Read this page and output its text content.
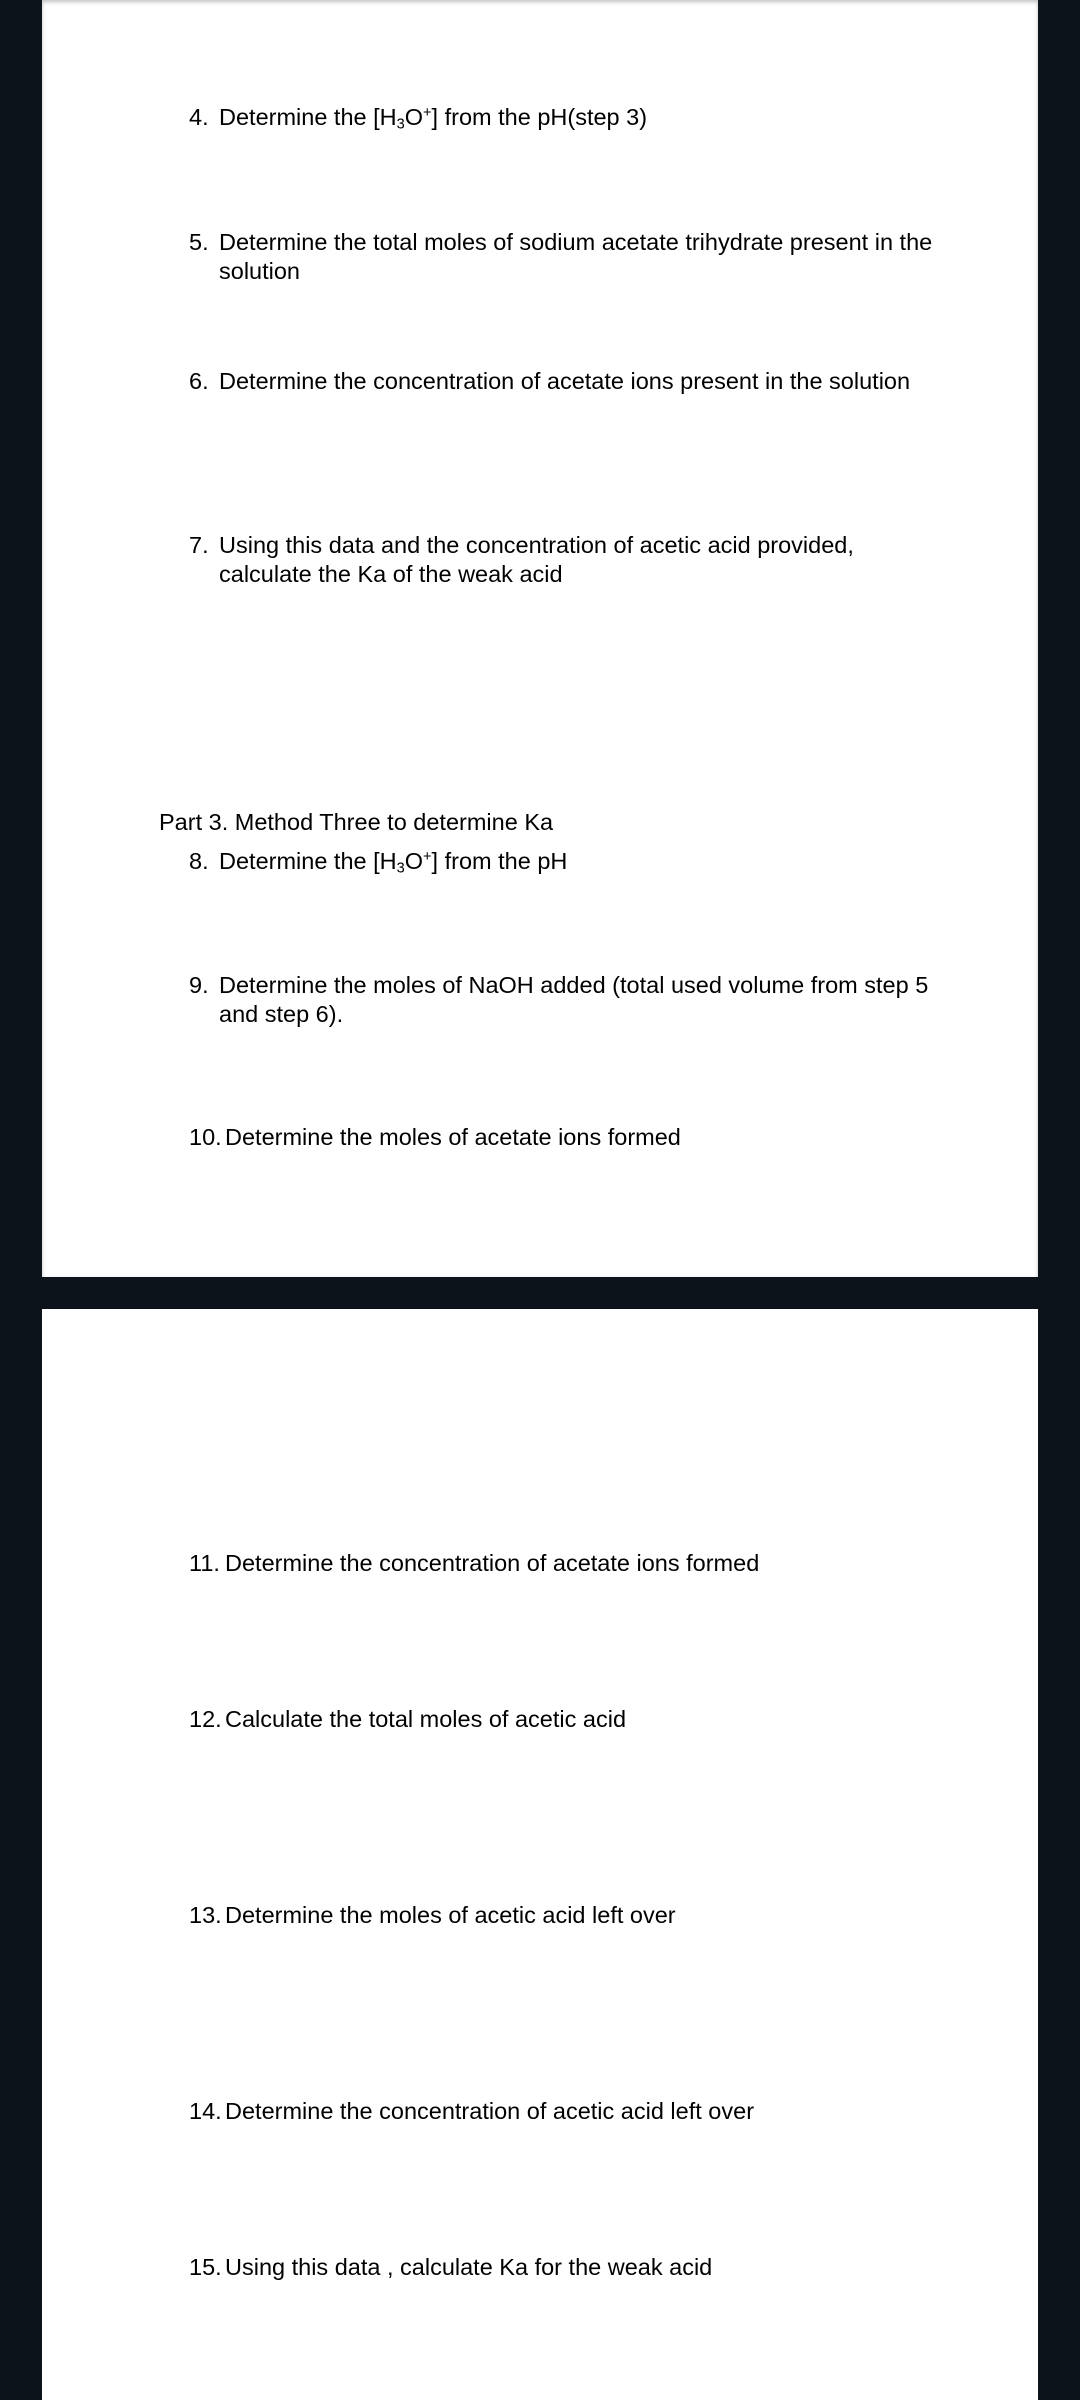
4. Determine the $[H_3O^+]$ from the pH(step 3)
5. Determine the total moles of sodium acetate trihydrate present in the solution
6. Determine the concentration of acetate ions present in the solution
7. Using this data and the concentration of acetic acid provided, calculate the Ka of the weak acid
Part 3. Method Three to determine Ka
8. Determine the $[H_3O^+]$ from the pH
9. Determine the moles of NaOH added (total used volume from step 5 and step 6).
10. Determine the moles of acetate ions formed
11. Determine the concentration of acetate ions formed
12. Calculate the total moles of acetic acid
13. Determine the moles of acetic acid left over
14. Determine the concentration of acetic acid left over
15. Using this data , calculate Ka for the weak acid
